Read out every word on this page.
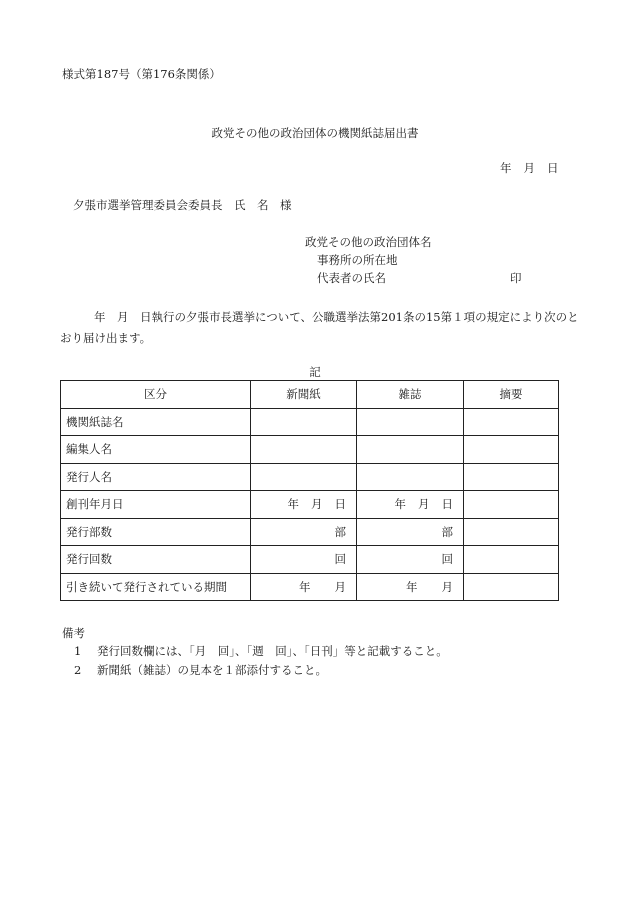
様式第187号（第176条関係）
政党その他の政治団体の機関紙誌届出書
年 月 日
夕張市選挙管理委員会委員長　氏　名　様
政党その他の政治団体名
事務所の所在地
代表者の氏名	印
年　月　日執行の夕張市長選挙について、公職選挙法第201条の15第１項の規定により次のとおり届け出ます。
記
区分	新聞紙	雑誌	摘要
機関紙誌名			
編集人名			
発行人名			
創刊年月日	年 月 日	年 月 日	
発行部数	部	部	
発行回数	回	回	
引き続いて発行されている期間	年 月	年 月	
備考
1 発行回数欄には、「月　回」、「週　回」、「日刊」等と記載すること。
2 新聞紙（雑誌）の見本を１部添付すること。
